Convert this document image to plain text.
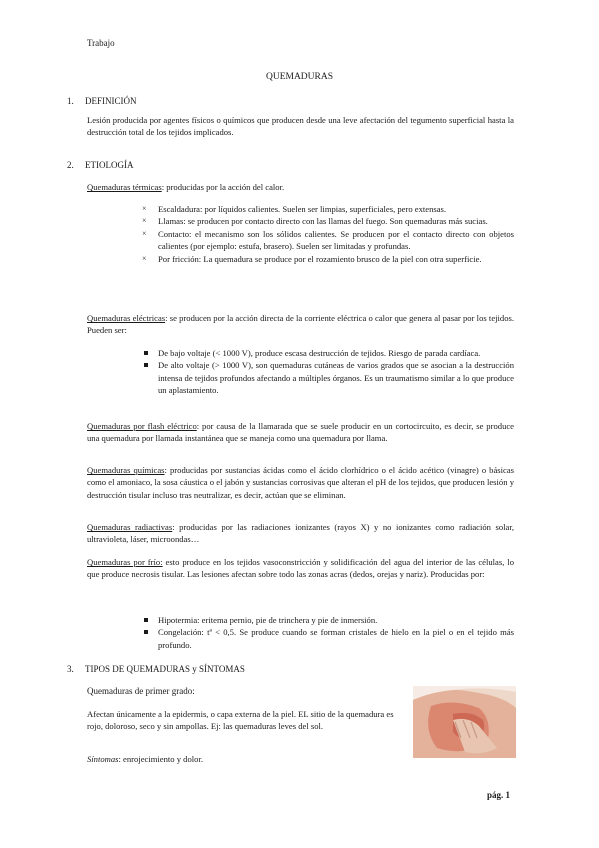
Trabajo
QUEMADURAS
1. DEFINICIÓN

Lesión producida por agentes físicos o químicos que producen desde una leve afectación del tegumento superficial hasta la destrucción total de los tejidos implicados.

2. ETIOLOGÍA

Quemaduras térmicas: producidas por la acción del calor.

× Escaldadura: por líquidos calientes. Suelen ser limpias, superficiales, pero extensas.
× Llamas: se producen por contacto directo con las llamas del fuego. Son quemaduras más sucias.
× Contacto: el mecanismo son los sólidos calientes. Se producen por el contacto directo con objetos calientes (por ejemplo: estufa, brasero). Suelen ser limitadas y profundas.
× Por fricción: La quemadura se produce por el rozamiento brusco de la piel con otra superficie.

Quemaduras eléctricas: se producen por la acción directa de la corriente eléctrica o calor que genera al pasar por los tejidos. Pueden ser:

De bajo voltaje (< 1000 V), produce escasa destrucción de tejidos. Riesgo de parada cardíaca.
De alto voltaje (> 1000 V), son quemaduras cutáneas de varios grados que se asocian a la destrucción intensa de tejidos profundos afectando a múltiples órganos. Es un traumatismo similar a lo que produce un aplastamiento.

Quemaduras por flash eléctrico: por causa de la llamarada que se suele producir en un cortocircuito, es decir, se produce una quemadura por llamada instantánea que se maneja como una quemadura por llama.

Quemaduras químicas: producidas por sustancias ácidas como el ácido clorhídrico o el ácido acético (vinagre) o básicas como el amoniaco, la sosa cáustica o el jabón y sustancias corrosivas que alteran el pH de los tejidos, que producen lesión y destrucción tisular incluso tras neutralizar, es decir, actúan que se eliminan.

Quemaduras radiactivas: producidas por las radiaciones ionizantes (rayos X) y no ionizantes como radiación solar, ultravioleta, láser, microondas…

Quemaduras por frío: esto produce en los tejidos vasoconstricción y solidificación del agua del interior de las células, lo que produce necrosis tisular. Las lesiones afectan sobre todo las zonas acras (dedos, orejas y nariz). Producidas por:

Hipotermia: eritema pernio, pie de trinchera y pie de inmersión.
Congelación: tª < 0,5. Se produce cuando se forman cristales de hielo en la piel o en el tejido más profundo.
3. TIPOS DE QUEMADURAS y SÍNTOMAS
Quemaduras de primer grado:

Afectan únicamente a la epidermis, o capa externa de la piel. EL sitio de la quemadura es rojo, doloroso, seco y sin ampollas. Ej: las quemaduras leves del sol.

Síntomas: enrojecimiento y dolor.

pág. 1
